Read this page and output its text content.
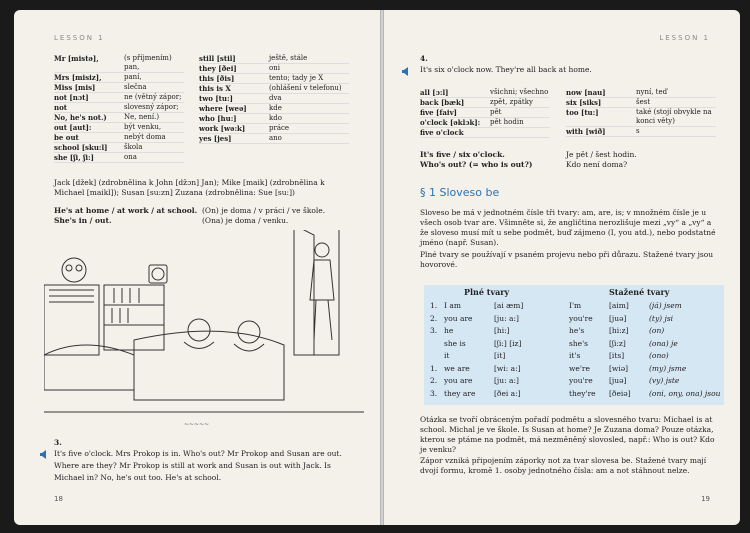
LESSON 1
Mr [mistə],	(s příjmením) pan,
Mrs [misiz],	paní,
Miss [mis]	slečna
not [nɔt]	ne (větný zápor;
not	slovesný zápor;
No, he's not.)	Ne, není.)
out [aut]:	být venku,
be out	nebýt doma
school [sku:l]	škola
she [ʃi, ʃi:]	ona
still [stil]	ještě, stále
they [ðei]	oni
this [ðis]	tento; tady je X
this is X	(ohlášení v telefonu)
two [tu:]	dva
where [weə]	kde
who [hu:]	kdo
work [wə:k]	práce
yes [jes]	ano
Jack [džek] (zdrobnělina k John [džɔn] Jan); Mike [maik] (zdrobnělina k Michael [maikl]); Susan [su:zn] Zuzana (zdrobnělina: Sue [su:])
He's at home / at work / at school. (On) je doma / v práci / ve škole.
She's in / out.	(Ona) je doma / venku.
~~~~~
3.
It's five o'clock. Mrs Prokop is in. Who's out? Mr Prokop and Susan are out. Where are they? Mr Prokop is still at work and Susan is out with Jack. Is Michael in? No, he's out too. He's at school.
18
LESSON 1
4.
It's six o'clock now. They're all back at home.
all [ɔ:l]	všichni; všechno
back [bæk]	zpět, zpátky
five [faiv]	pět
o'clock [əklɔk]:	pět hodin
five o'clock
now [nau]	nyní, teď
six [siks]	šest
too [tu:]	také (stojí obvykle na konci věty)
with [wið]	s
It's five / six o'clock.	Je pět / šest hodin.
Who's out? (= who is out?)	Kdo není doma?
§ 1 Sloveso be
Sloveso be má v jednotném čísle tři tvary: am, are, is; v množném čísle je u všech osob tvar are. Všimněte si, že angličtina nerozlišuje mezi „vy“ a „vy“ a že sloveso musí mít u sebe podmět, buď zájmeno (I, you atd.), nebo podstatné jméno (např. Susan).
Plné tvary se používají v psaném projevu nebo při důrazu. Stažené tvary jsou hovorové.
Plné tvary	Stažené tvary
1. I am	[ai æm]	I'm	[aim]	(já) jsem
2. you are	[ju: a:]	you're [juə]	(ty) jsi
3. he	[hi:]	he's	[hi:z]	(on)
she is	[ʃi:] [iz]	she's	[ʃi:z]	(ona) je
it	[it]	it's	[its]	(ono)
1. we are	[wi: a:]	we're	[wiə]	(my) jsme
2. you are	[ju: a:]	you're [juə]	(vy) jste
3. they are [ðei a:]	they're [ðeiə] (oni, ony, ona) jsou
Otázka se tvoří obráceným pořadí podmětu a slovesného tvaru: Michael is at school. Michal je ve škole. Is Susan at home? Je Zuzana doma? Pouze otázka, kterou se ptáme na podmět, má nezměněný slovosled, např.: Who is out? Kdo je venku?
Zápor vzniká připojením záporky not za tvar slovesa be. Stažené tvary mají dvojí formu, kromě 1. osoby jednotného čísla: am a not stáhnout nelze.
19
